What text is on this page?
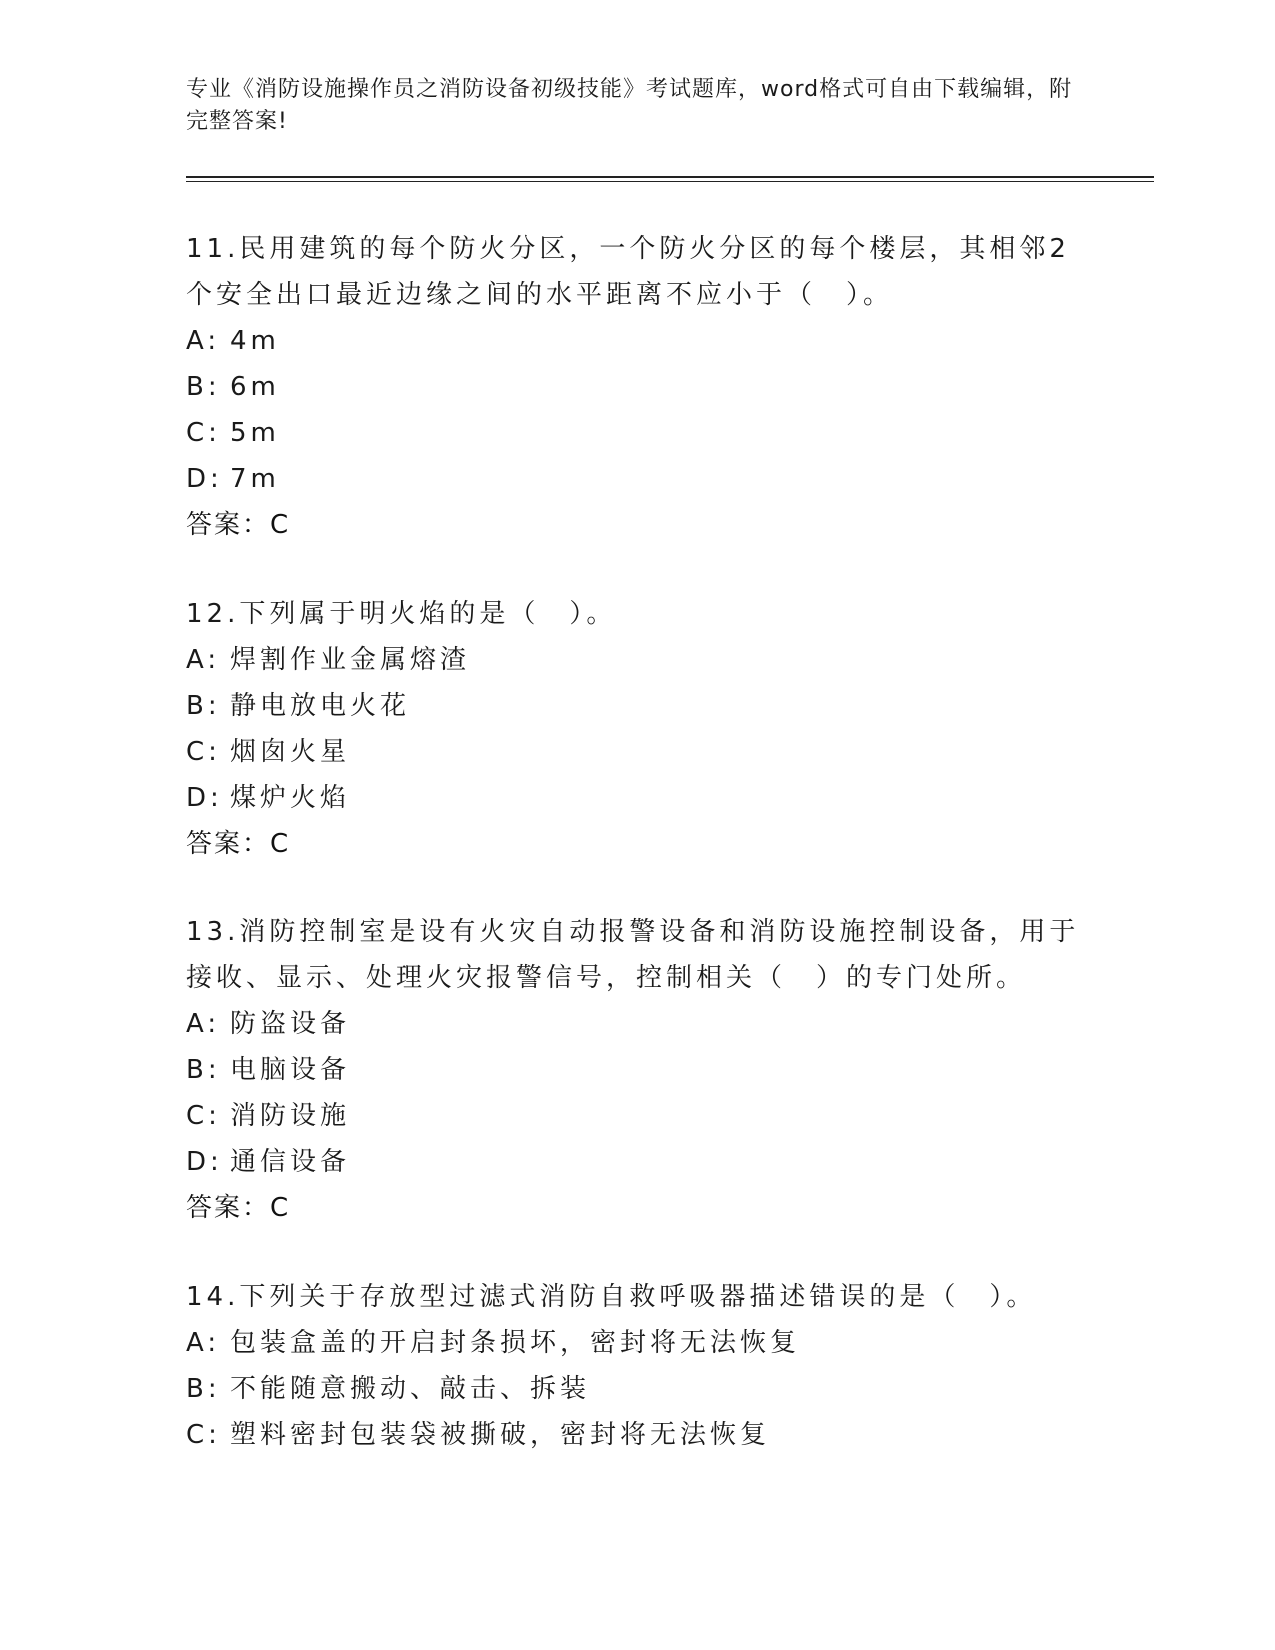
专业《消防设施操作员之消防设备初级技能》考试题库，word格式可自由下载编辑，附完整答案!

11.民用建筑的每个防火分区，一个防火分区的每个楼层，其相邻2个安全出口最近边缘之间的水平距离不应小于（　）。

A: 4m
B: 6m
C: 5m
D: 7m
答案：C

12.下列属于明火焰的是（　）。

A: 焊割作业金属熔渣
B: 静电放电火花
C: 烟囱火星
D: 煤炉火焰
答案：C

13.消防控制室是设有火灾自动报警设备和消防设施控制设备，用于接收、显示、处理火灾报警信号，控制相关（　）的专门处所。

A: 防盗设备
B: 电脑设备
C: 消防设施
D: 通信设备
答案：C

14.下列关于存放型过滤式消防自救呼吸器描述错误的是（　）。

A: 包装盒盖的开启封条损坏，密封将无法恢复
B: 不能随意搬动、敲击、拆装
C: 塑料密封包装袋被撕破，密封将无法恢复
